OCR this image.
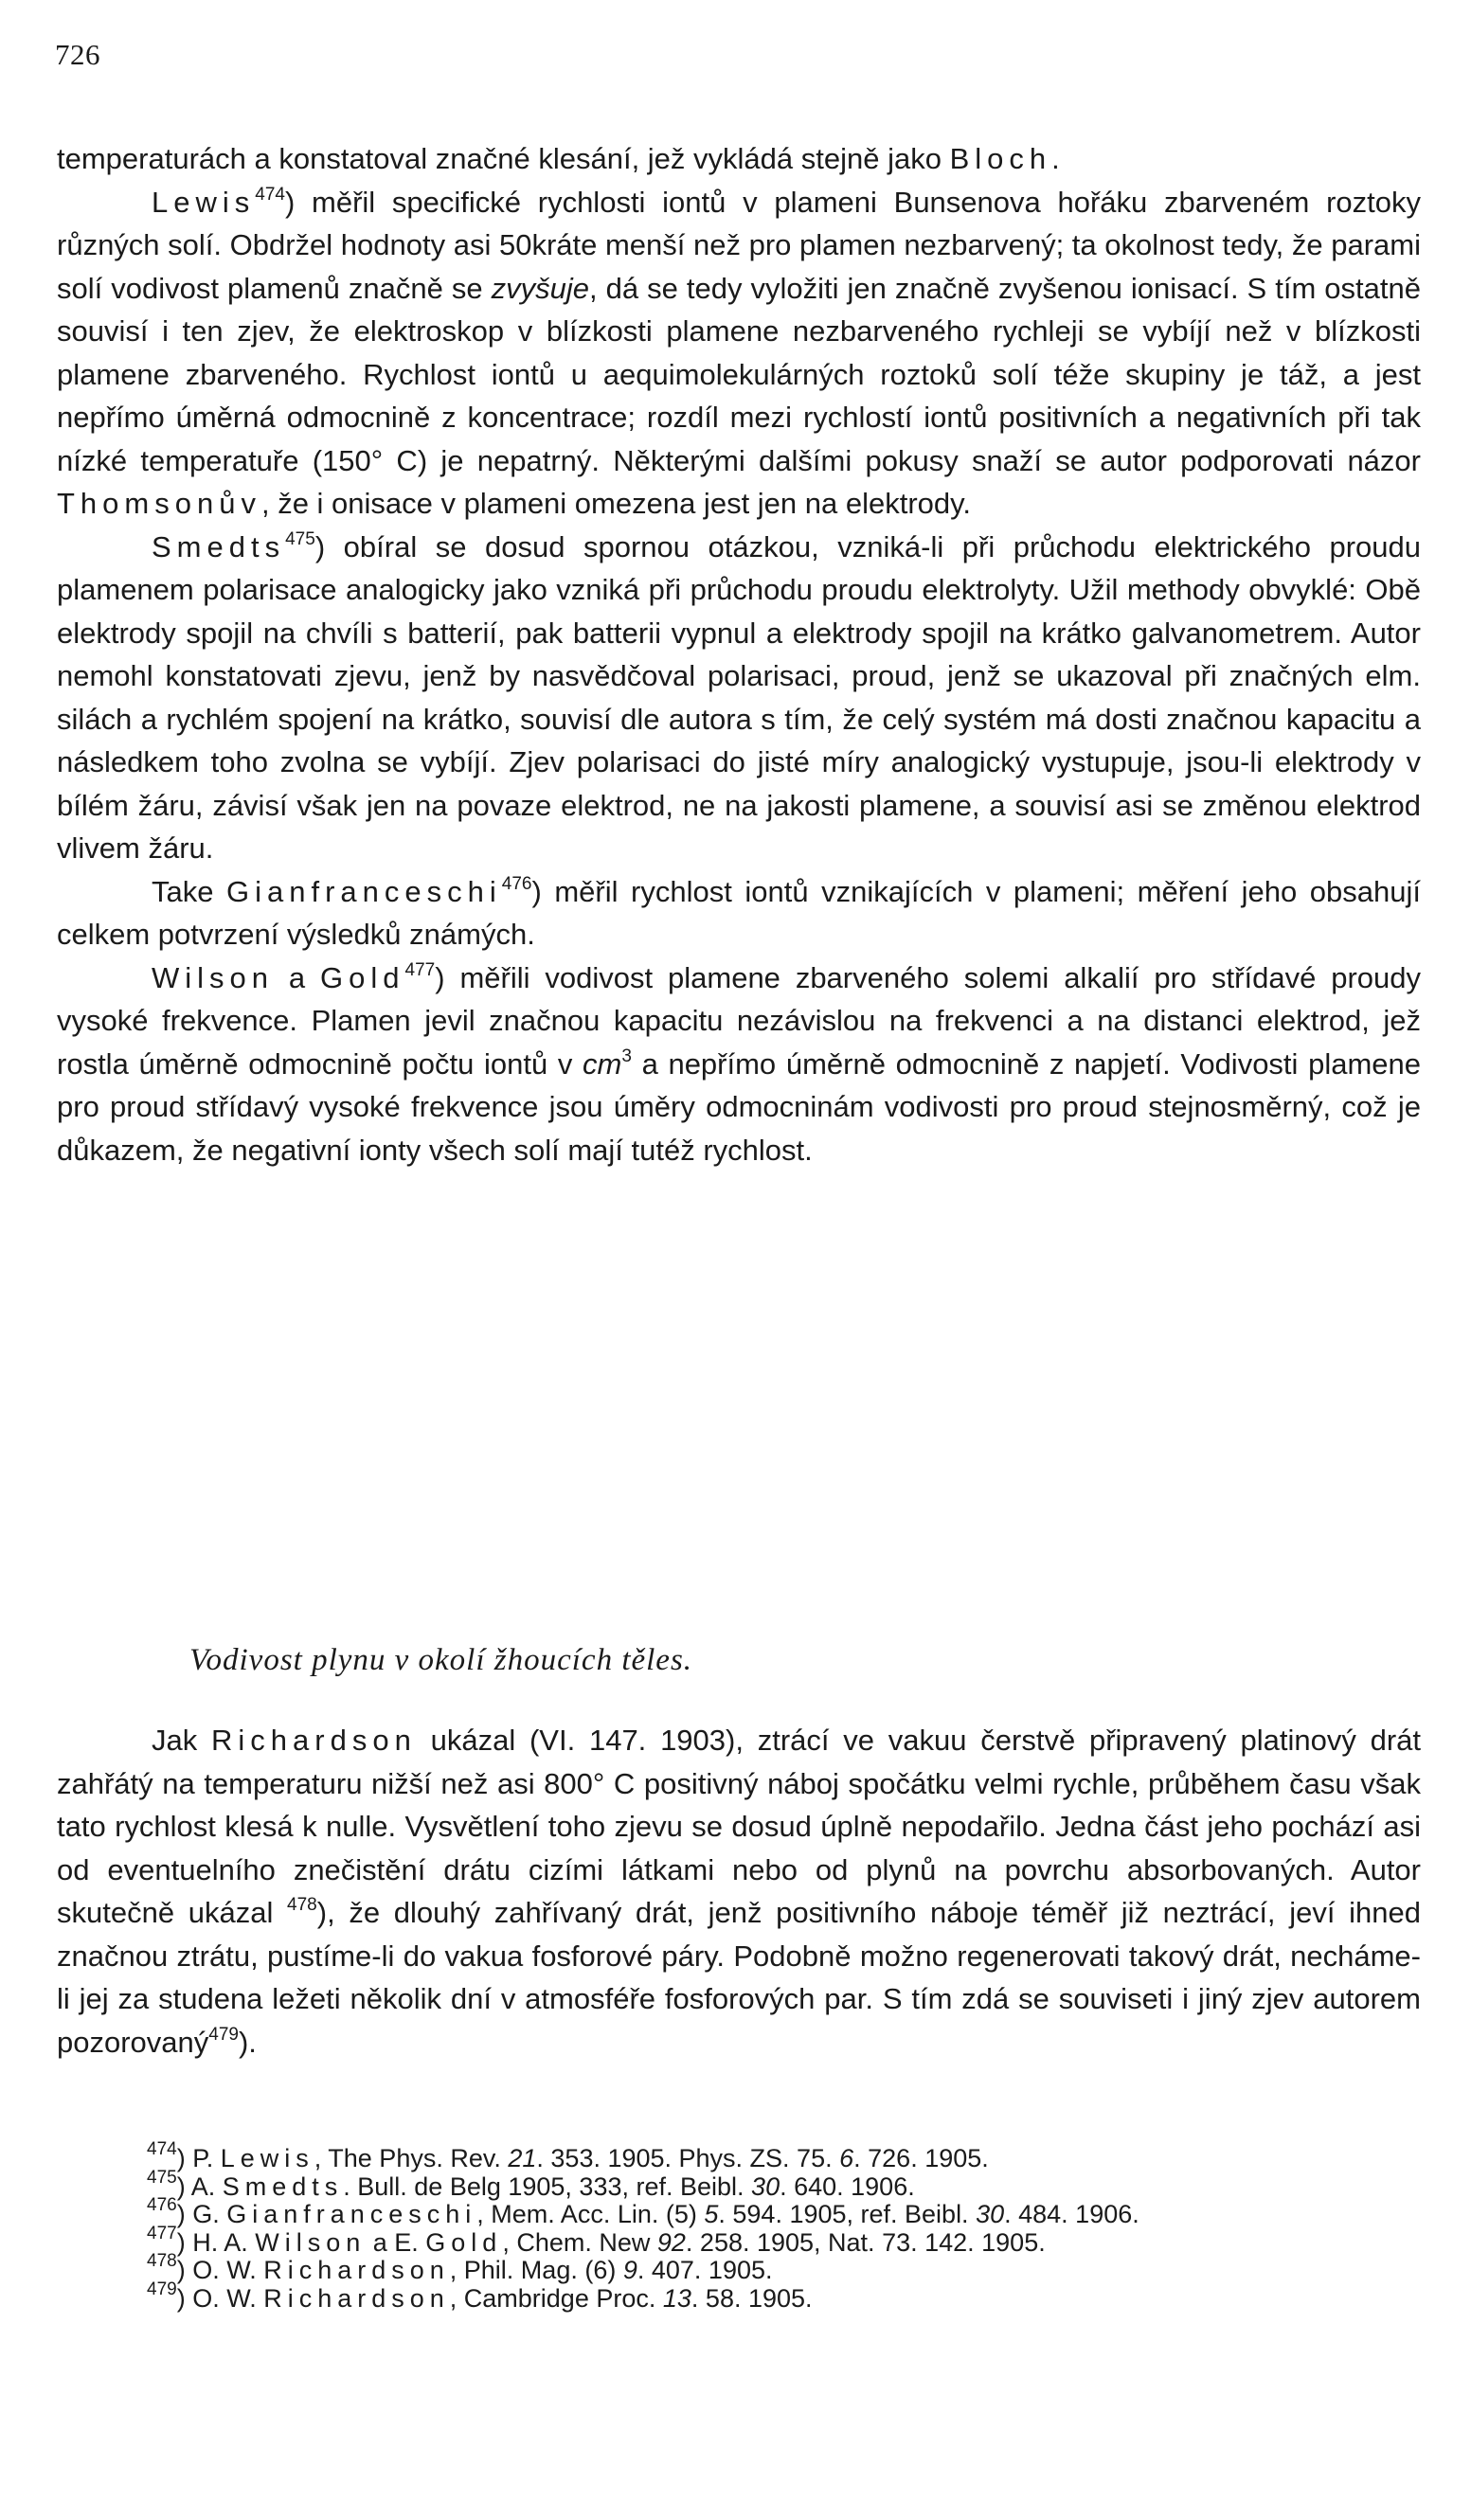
726

temperaturách a konstatoval značné klesání, jež vykládá stejně jako Bloch.

Lewis$^{474}$) měřil specifické rychlosti iontů v plameni Bunsenova hořáku zbarveném roztoky různých solí. Obdržel hodnoty asi 50kráte menší než pro plamen nezbarvený; ta okolnost tedy, že parami solí vodivost plamenů značně se zvyšuje, dá se tedy vyložiti jen značně zvyšenou ionisací. S tím ostatně souvisí i ten zjev, že elektroskop v blízkosti plamene nezbarveného rychleji se vybíjí než v blízkosti plamene zbarveného. Rychlost iontů u aequimolekulárných roztoků solí téže skupiny je táž, a jest nepřímo úměrná odmocnině z koncentrace; rozdíl mezi rychlostí iontů positivních a negativních při tak nízké temperatuře (150° C) je nepatrný. Některými dalšími pokusy snaží se autor podporovati názor Thomsonův, že i onisace v plameni omezena jest jen na elektrody.

Smedts$^{475}$) obíral se dosud spornou otázkou, vzniká-li při průchodu elektrického proudu plamenem polarisace analogicky jako vzniká při průchodu proudu elektrolyty. Užil methody obvyklé: Obě elektrody spojil na chvíli s batterií, pak batterii vypnul a elektrody spojil na krátko galvanometrem. Autor nemohl konstatovati zjevu, jenž by nasvědčoval polarisaci, proud, jenž se ukazoval při značných elm. silách a rychlém spojení na krátko, souvisí dle autora s tím, že celý systém má dosti značnou kapacitu a následkem toho zvolna se vybíjí. Zjev polarisaci do jisté míry analogický vystupuje, jsou-li elektrody v bílém žáru, závisí však jen na povaze elektrod, ne na jakosti plamene, a souvisí asi se změnou elektrod vlivem žáru.

Take Gianfranceschi$^{476}$) měřil rychlost iontů vznikajících v plameni; měření jeho obsahují celkem potvrzení výsledků známých.

Wilson a Gold$^{477}$) měřili vodivost plamene zbarveného solemi alkalií pro střídavé proudy vysoké frekvence. Plamen jevil značnou kapacitu nezávislou na frekvenci a na distanci elektrod, jež rostla úměrně odmocnině počtu iontů v $cm^3$ a nepřímo úměrně odmocnině z napjetí. Vodivosti plamene pro proud střídavý vysoké frekvence jsou úměry odmocninám vodivosti pro proud stejnosměrný, což je důkazem, že negativní ionty všech solí mají tutéž rychlost.

Vodivost plynu v okolí žhoucích těles.

Jak Richardson ukázal (VI. 147. 1903), ztrácí ve vakuu čerstvě připravený platinový drát zahřátý na temperaturu nižší než asi 800° C positivný náboj spočátku velmi rychle, průběhem času však tato rychlost klesá k nulle. Vysvětlení toho zjevu se dosud úplně nepodařilo. Jedna část jeho pochází asi od eventuelního znečistění drátu cizími látkami nebo od plynů na povrchu absorbovaných. Autor skutečně ukázal $^{478}$), že dlouhý zahřívaný drát, jenž positivního náboje téměř již neztrácí, jeví ihned značnou ztrátu, pustíme-li do vakua fosforové páry. Podobně možno regenerovati takový drát, necháme-li jej za studena ležeti několik dní v atmosféře fosforových par. S tím zdá se souviseti i jiný zjev autorem pozorovaný$^{479}$).

$^{474}$) P. Lewis, The Phys. Rev. 21. 353. 1905. Phys. ZS. 75. 6. 726. 1905.
$^{475}$) A. Smedts. Bull. de Belg 1905, 333, ref. Beibl. 30. 640. 1906.
$^{476}$) G. Gianfranceschi, Mem. Acc. Lin. (5) 5. 594. 1905, ref. Beibl. 30. 484. 1906.
$^{477}$) H. A. Wilson a E. Gold, Chem. New 92. 258. 1905, Nat. 73. 142. 1905.
$^{478}$) O. W. Richardson, Phil. Mag. (6) 9. 407. 1905.
$^{479}$) O. W. Richardson, Cambridge Proc. 13. 58. 1905.
